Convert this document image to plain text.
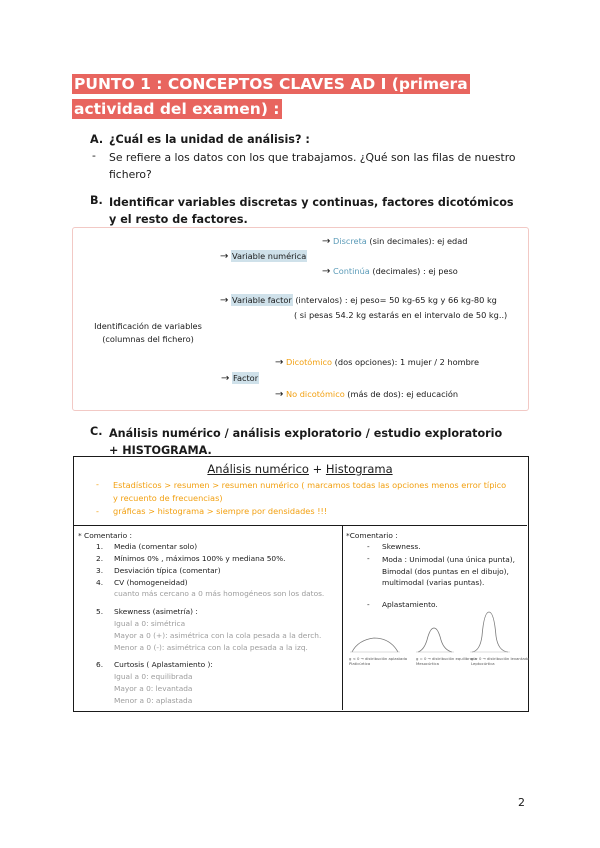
PUNTO 1 : CONCEPTOS CLAVES AD I (primera actividad del examen) :
A. ¿Cuál es la unidad de análisis? :
- Se refiere a los datos con los que trabajamos. ¿Qué son las filas de nuestro fichero?
B. Identificar variables discretas y continuas, factores dicotómicos y el resto de factores.
Identificación de variables (columnas del fichero)
→ Discreta (sin decimales): ej edad
→ Variable numérica
→ Continúa (decimales) : ej peso
→ Variable factor (intervalos) : ej peso= 50 kg-65 kg y 66 kg-80 kg
( si pesas 54.2 kg estarás en el intervalo de 50 kg..)
→ Dicotómico (dos opciones): 1 mujer / 2 hombre
→ Factor
→ No dicotómico (más de dos): ej educación
C. Análisis numérico / análisis exploratorio / estudio exploratorio + HISTOGRAMA.
Análisis numérico + Histograma
- Estadísticos > resumen > resumen numérico ( marcamos todas las opciones menos error típico y recuento de frecuencias)
- gráficas > histograma > siempre por densidades !!!
* Comentario :
1. Media (comentar solo)
2. Mínimos 0% , máximos 100% y mediana 50%.
3. Desviación típica (comentar)
4. CV (homogeneidad)
cuanto más cercano a 0 más homogéneos son los datos.
5. Skewness (asimetría) :
Igual a 0: simétrica
Mayor a 0 (+): asimétrica con la cola pesada a la derch.
Menor a 0 (-): asimétrica con la cola pesada a la izq.
6. Curtosis ( Aplastamiento ):
Igual a 0: equilibrada
Mayor a 0: levantada
Menor a 0: aplastada
*Comentario :
- Skewness.
- Moda : Unimodal (una única punta), Bimodal (dos puntas en el dibujo), multimodal (varias puntas).
- Aplastamiento.
g < 0 → distribución aplastada
Platicúrtica
g = 0 → distribución equilibrada
Mesocúrtica
g > 0 → distribución levantada
Leptocúrtica
2
